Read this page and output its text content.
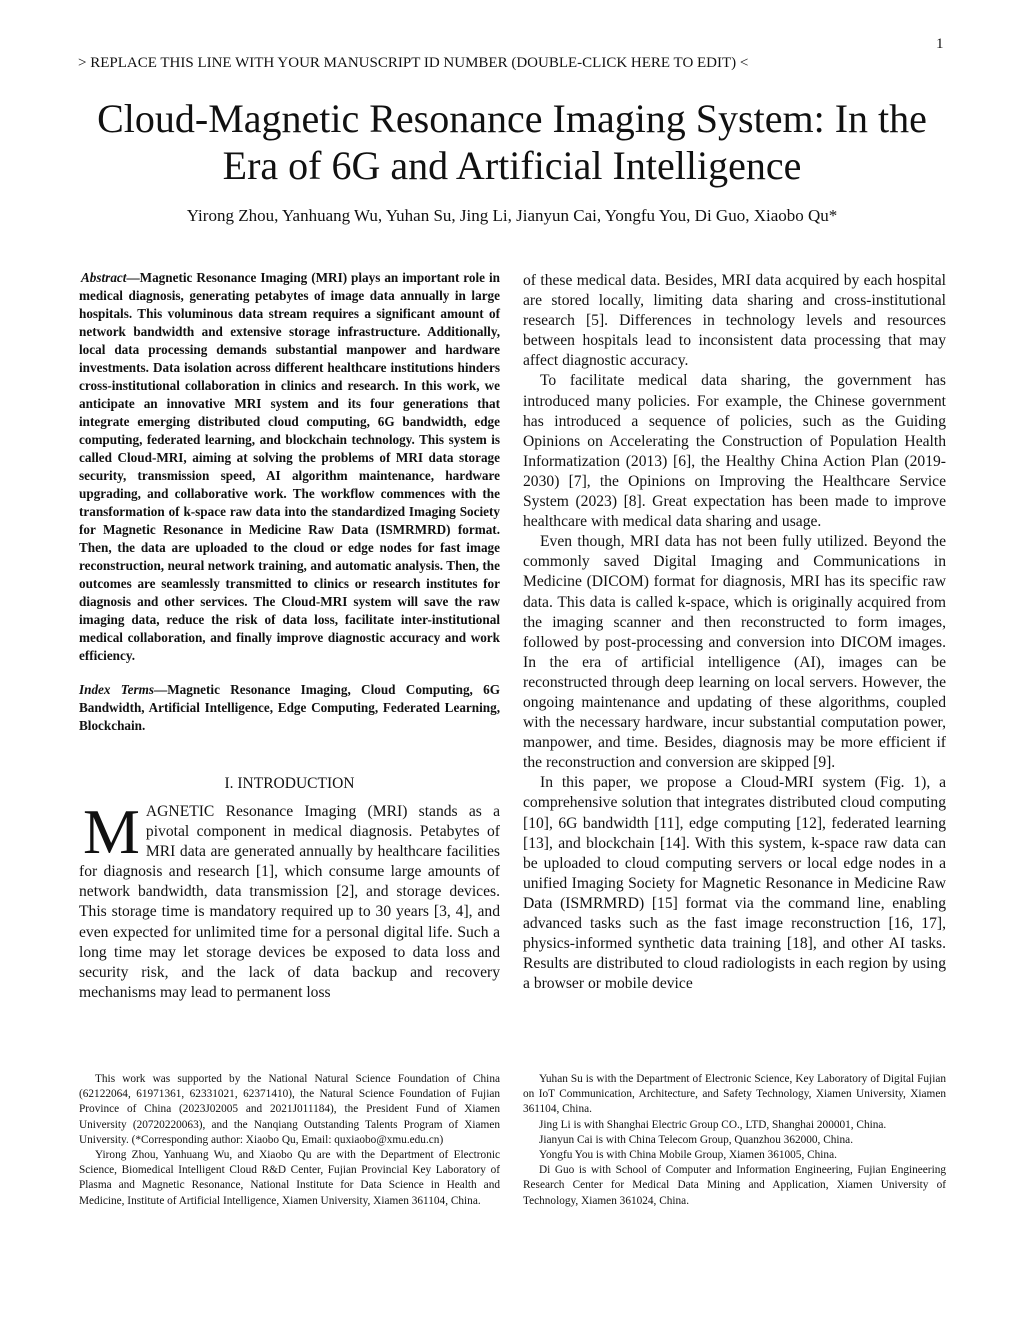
1
> REPLACE THIS LINE WITH YOUR MANUSCRIPT ID NUMBER (DOUBLE-CLICK HERE TO EDIT) <
Cloud-Magnetic Resonance Imaging System: In the
Era of 6G and Artificial Intelligence
Yirong Zhou, Yanhuang Wu, Yuhan Su, Jing Li, Jianyun Cai, Yongfu You, Di Guo, Xiaobo Qu*

Abstract—Magnetic Resonance Imaging (MRI) plays an important role in medical diagnosis, generating petabytes of image data annually in large hospitals. This voluminous data stream requires a significant amount of network bandwidth and extensive storage infrastructure. Additionally, local data processing demands substantial manpower and hardware investments. Data isolation across different healthcare institutions hinders cross-institutional collaboration in clinics and research. In this work, we anticipate an innovative MRI system and its four generations that integrate emerging distributed cloud computing, 6G bandwidth, edge computing, federated learning, and blockchain technology. This system is called Cloud-MRI, aiming at solving the problems of MRI data storage security, transmission speed, AI algorithm maintenance, hardware upgrading, and collaborative work. The workflow commences with the transformation of k-space raw data into the standardized Imaging Society for Magnetic Resonance in Medicine Raw Data (ISMRMRD) format. Then, the data are uploaded to the cloud or edge nodes for fast image reconstruction, neural network training, and automatic analysis. Then, the outcomes are seamlessly transmitted to clinics or research institutes for diagnosis and other services. The Cloud-MRI system will save the raw imaging data, reduce the risk of data loss, facilitate inter-institutional medical collaboration, and finally improve diagnostic accuracy and work efficiency.

Index Terms—Magnetic Resonance Imaging, Cloud Computing, 6G Bandwidth, Artificial Intelligence, Edge Computing, Federated Learning, Blockchain.

I. INTRODUCTION

MAGNETIC Resonance Imaging (MRI) stands as a pivotal component in medical diagnosis. Petabytes of MRI data are generated annually by healthcare facilities for diagnosis and research [1], which consume large amounts of network bandwidth, data transmission [2], and storage devices. This storage time is mandatory required up to 30 years [3, 4], and even expected for unlimited time for a personal digital life. Such a long time may let storage devices be exposed to data loss and security risk, and the lack of data backup and recovery mechanisms may lead to permanent loss

of these medical data. Besides, MRI data acquired by each hospital are stored locally, limiting data sharing and cross-institutional research [5]. Differences in technology levels and resources between hospitals lead to inconsistent data processing that may affect diagnostic accuracy.

To facilitate medical data sharing, the government has introduced many policies. For example, the Chinese government has introduced a sequence of policies, such as the Guiding Opinions on Accelerating the Construction of Population Health Informatization (2013) [6], the Healthy China Action Plan (2019-2030) [7], the Opinions on Improving the Healthcare Service System (2023) [8]. Great expectation has been made to improve healthcare with medical data sharing and usage.

Even though, MRI data has not been fully utilized. Beyond the commonly saved Digital Imaging and Communications in Medicine (DICOM) format for diagnosis, MRI has its specific raw data. This data is called k-space, which is originally acquired from the imaging scanner and then reconstructed to form images, followed by post-processing and conversion into DICOM images. In the era of artificial intelligence (AI), images can be reconstructed through deep learning on local servers. However, the ongoing maintenance and updating of these algorithms, coupled with the necessary hardware, incur substantial computation power, manpower, and time. Besides, diagnosis may be more efficient if the reconstruction and conversion are skipped [9].

In this paper, we propose a Cloud-MRI system (Fig. 1), a comprehensive solution that integrates distributed cloud computing [10], 6G bandwidth [11], edge computing [12], federated learning [13], and blockchain [14]. With this system, k-space raw data can be uploaded to cloud computing servers or local edge nodes in a unified Imaging Society for Magnetic Resonance in Medicine Raw Data (ISMRMRD) [15] format via the command line, enabling advanced tasks such as the fast image reconstruction [16, 17], physics-informed synthetic data training [18], and other AI tasks. Results are distributed to cloud radiologists in each region by using a browser or mobile device

This work was supported by the National Natural Science Foundation of China (62122064, 61971361, 62331021, 62371410), the Natural Science Foundation of Fujian Province of China (2023J02005 and 2021J011184), the President Fund of Xiamen University (20720220063), and the Nanqiang Outstanding Talents Program of Xiamen University. (*Corresponding author: Xiaobo Qu, Email: quxiaobo@xmu.edu.cn)

Yirong Zhou, Yanhuang Wu, and Xiaobo Qu are with the Department of Electronic Science, Biomedical Intelligent Cloud R&D Center, Fujian Provincial Key Laboratory of Plasma and Magnetic Resonance, National Institute for Data Science in Health and Medicine, Institute of Artificial Intelligence, Xiamen University, Xiamen 361104, China.

Yuhan Su is with the Department of Electronic Science, Key Laboratory of Digital Fujian on IoT Communication, Architecture, and Safety Technology, Xiamen University, Xiamen 361104, China.

Jing Li is with Shanghai Electric Group CO., LTD, Shanghai 200001, China.

Jianyun Cai is with China Telecom Group, Quanzhou 362000, China.

Yongfu You is with China Mobile Group, Xiamen 361005, China.

Di Guo is with School of Computer and Information Engineering, Fujian Engineering Research Center for Medical Data Mining and Application, Xiamen University of Technology, Xiamen 361024, China.
